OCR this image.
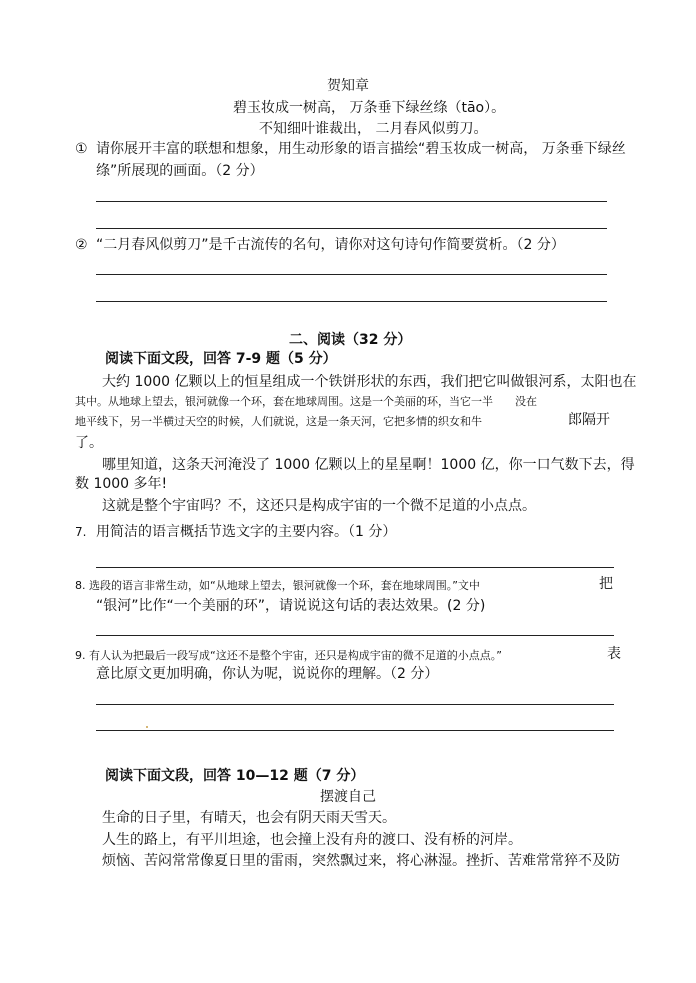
贺知章
碧玉妆成一树高， 万条垂下绿丝绦（tāo）。
不知细叶谁裁出， 二月春风似剪刀。
① 请你展开丰富的联想和想象，用生动形象的语言描绘“碧玉妆成一树高， 万条垂下绿丝
绦”所展现的画面。（2 分）
② “二月春风似剪刀”是千古流传的名句，请你对这句诗句作简要赏析。（2 分）
二、阅读（32 分）
阅读下面文段，回答 7-9 题（5 分）
大约 1000 亿颗以上的恒星组成一个铁饼形状的东西，我们把它叫做银河系，太阳也在
其中。从地球上望去，银河就像一个环，套在地球周围。这是一个美丽的环，当它一半　　没在
地平线下，另一半横过天空的时候，人们就说，这是一条天河，它把多情的织女和牛	郎隔开
了。
哪里知道，这条天河淹没了 1000 亿颗以上的星星啊！1000 亿，你一口气数下去，得
数 1000 多年!
这就是整个宇宙吗？不，这还只是构成宇宙的一个微不足道的小点点。
7. 用简洁的语言概括节选文字的主要内容。（1 分）
8. 选段的语言非常生动，如“从地球上望去，银河就像一个环，套在地球周围。”文中	把
“银河”比作“一个美丽的环”，请说说这句话的表达效果。(2 分)
9. 有人认为把最后一段写成“这还不是整个宇宙，还只是构成宇宙的微不足道的小点点。”	表
意比原文更加明确，你认为呢，说说你的理解。（2 分）
阅读下面文段，回答 10—12 题（7 分）
摆渡自己
生命的日子里，有晴天，也会有阴天雨天雪天。
人生的路上，有平川坦途，也会撞上没有舟的渡口、没有桥的河岸。
烦恼、苦闷常常像夏日里的雷雨，突然飘过来，将心淋湿。挫折、苦难常常猝不及防
